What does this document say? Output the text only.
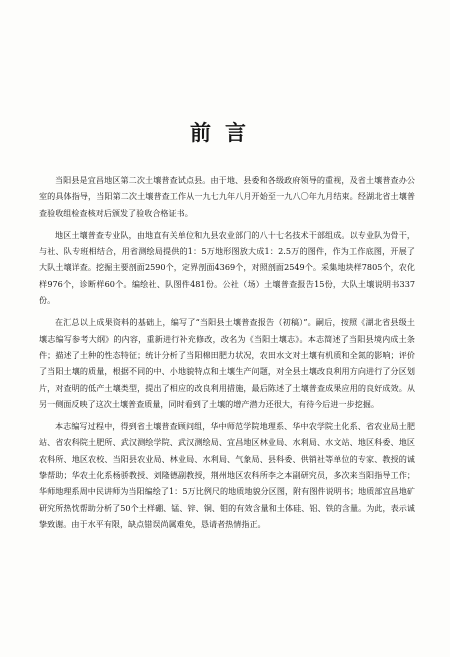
前言

当阳县是宜昌地区第二次土壤普查试点县。由于地、县委和各级政府领导的重视，及省土壤普查办公室的具体指导，当阳第二次土壤普查工作从一九七九年八月开始至一九八〇年九月结束。经湖北省土壤普查验收组检查核对后颁发了验收合格证书。

地区土壤普查专业队，由地直有关单位和九县农业部门的八十七名技术干部组成。以专业队为骨干，与社、队专班相结合，用省测绘局提供的1：5万地形图放大成1：2.5万的图件，作为工作底图，开展了大队土壤详查。挖掘主要剖面2590个，定界剖面4369个，对照剖面2549个。采集地块样7805个，农化样976个，诊断样60个。编绘社、队图件481份。公社（场）土壤普查报告15份，大队土壤说明书337份。

在汇总以上成果资料的基础上，编写了“当阳县土壤普查报告（初稿）”。嗣后，按照《湖北省县级土壤志编写参考大纲》的内容，重新进行补充修改，改名为《当阳土壤志》。本志简述了当阳县境内成土条件；描述了土种的性态特征；统计分析了当阳棉田肥力状况，农田水文对土壤有机质和全氮的影响；评价了当阳土壤的质量，根据不同的中、小地貌特点和土壤生产问题，对全县土壤改良利用方向进行了分区划片，对查明的低产土壤类型，提出了相应的改良利用措施，最后陈述了土壤普查成果应用的良好成效。从另一侧面反映了这次土壤普查质量，同时看到了土壤的增产潜力还很大，有待今后进一步挖掘。

本志编写过程中，得到省土壤普查顾问组，华中师范学院地理系、华中农学院土化系、省农业局土肥站、省农科院土肥所、武汉测绘学院、武汉测绘局、宜昌地区林业局、水利局、水文站、地区科委、地区农科所、地区农校、当阳县农业局、林业局、水利局、气象局、县科委、供销社等单位的专家、教授的诚挚帮助；华农土化系杨骄教授、刘隆德副教授，荆州地区农科所李之本副研究员，多次来当阳指导工作；华师地理系周中民讲师为当阳编绘了1：5万比例尺的地质地貌分区图，附有图件说明书；地质部宜昌地矿研究所热忱帮助分析了50个土样硼、锰、锌、铜、钼的有效含量和土体硅、铝、铁的含量。为此，表示诚挚致谢。由于水平有限，缺点错误尚属难免，恳请者热情指正。
